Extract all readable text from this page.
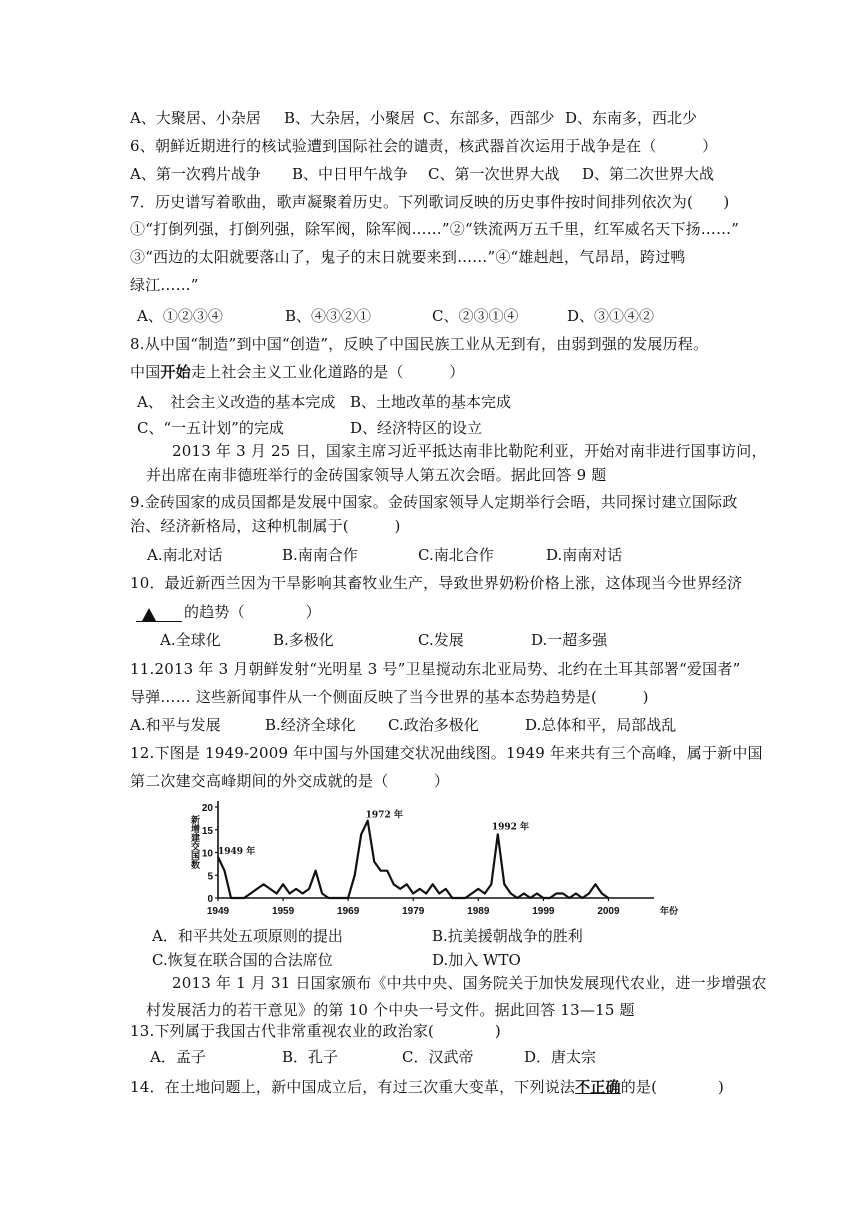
A、大聚居、小杂居 B、大杂居，小聚居 C、东部多，西部少 D、东南多，西北少
6、朝鲜近期进行的核试验遭到国际社会的谴责，核武器首次运用于战争是在（　　　）
A、第一次鸦片战争 B、中日甲午战争 C、第一次世界大战 D、第二次世界大战
7．历史谱写着歌曲，歌声凝聚着历史。下列歌词反映的历史事件按时间排列依次为(　　)
①“打倒列强，打倒列强，除军阀，除军阀……”②“铁流两万五千里，红军威名天下扬……”
③“西边的太阳就要落山了，鬼子的末日就要来到……”④“雄赳赳，气昂昂，跨过鸭
绿江……”
A、①②③④	B、④③②①	C、②③①④	D、③①④②
8.从中国“制造”到中国“创造”，反映了中国民族工业从无到有，由弱到强的发展历程。
中国开始走上社会主义工业化道路的是（　　　）
A、　社会主义改造的基本完成 B、土地改革的基本完成
C、“一五计划”的完成	D、经济特区的设立
2013 年 3 月 25 日，国家主席习近平抵达南非比勒陀利亚，开始对南非进行国事访问，
并出席在南非德班举行的金砖国家领导人第五次会晤。据此回答 9 题
9.金砖国家的成员国都是发展中国家。金砖国家领导人定期举行会晤，共同探讨建立国际政
治、经济新格局，这种机制属于(　　　)
A.南北对话	B.南南合作	C.南北合作	D.南南对话
10．最近新西兰因为干旱影响其畜牧业生产，导致世界奶粉价格上涨，这体现当今世界经济
的趋势（　　　　）
A.全球化	B.多极化	C.发展	D.一超多强
11.2013 年 3 月朝鲜发射“光明星 3 号”卫星搅动东北亚局势、北约在土耳其部署“爱国者”
导弹…… 这些新闻事件从一个侧面反映了当今世界的基本态势趋势是(　　　)
A.和平与发展	B.经济全球化 C.政治多极化	D.总体和平，局部战乱
12.下图是 1949-2009 年中国与外国建交状况曲线图。1949 年来共有三个高峰，属于新中国
第二次建交高峰期间的外交成就的是（　　　）
0
5
10
15
20
1949	1959	1969	1979	1989	1999	2009	年份
新增建交国数 1949 年
1972 年
1992 年
A．和平共处五项原则的提出	B.抗美援朝战争的胜利
C.恢复在联合国的合法席位	D.加入 WTO
2013 年 1 月 31 日国家颁布《中共中央、国务院关于加快发展现代农业，进一步增强农
村发展活力的若干意见》的第 10 个中央一号文件。据此回答 13—15 题
13.下列属于我国古代非常重视农业的政治家(　　　　)
A．孟子	B．孔子	C．汉武帝	D．唐太宗
14．在土地问题上，新中国成立后，有过三次重大变革，下列说法不正确的是(　　　　)
